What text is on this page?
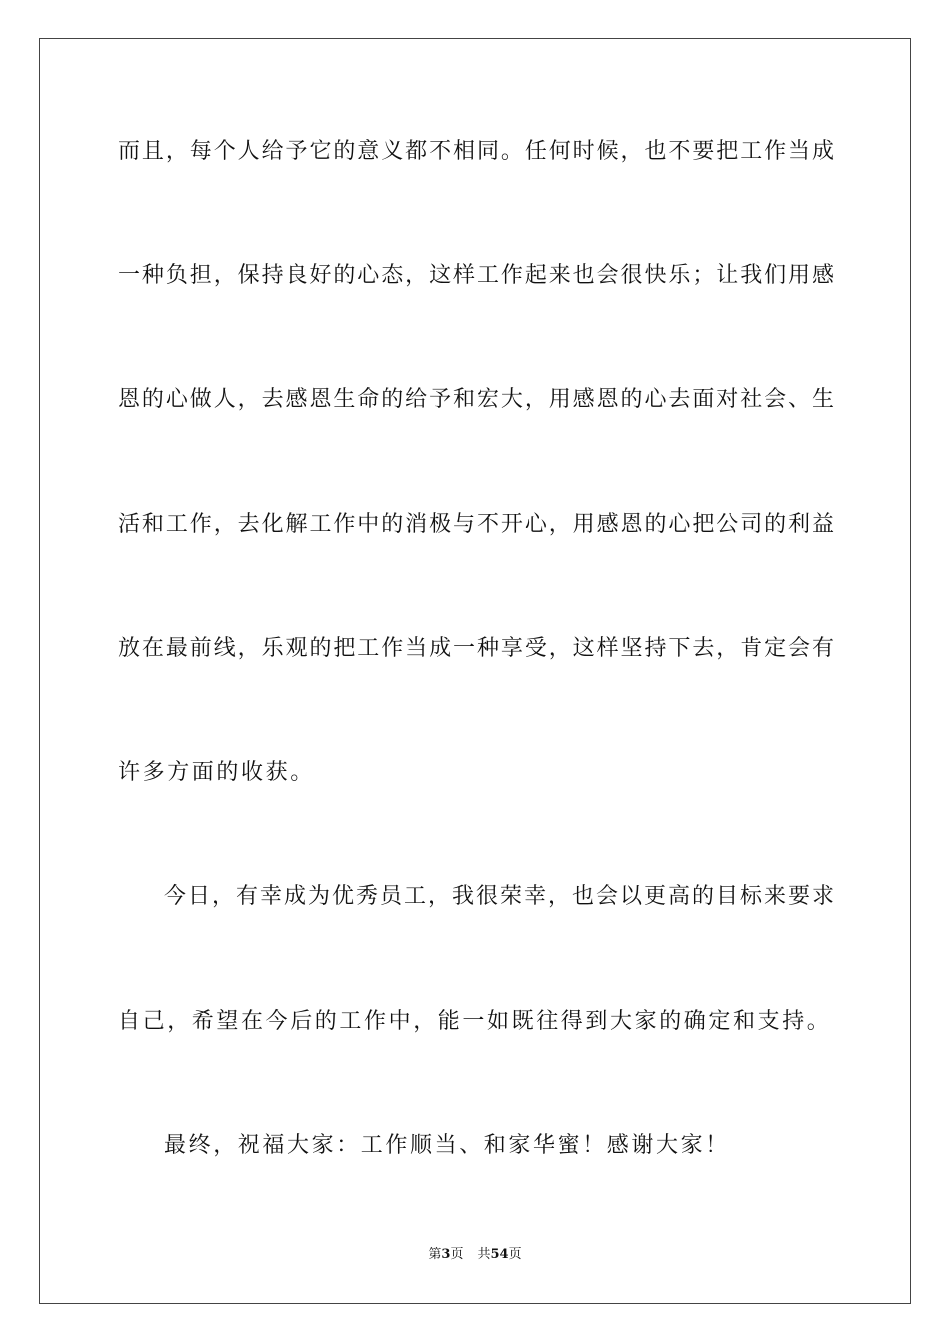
而且，每个人给予它的意义都不相同。任何时候，也不要把工作当成
一种负担，保持良好的心态，这样工作起来也会很快乐；让我们用感
恩的心做人，去感恩生命的给予和宏大，用感恩的心去面对社会、生
活和工作，去化解工作中的消极与不开心，用感恩的心把公司的利益
放在最前线，乐观的把工作当成一种享受，这样坚持下去，肯定会有
许多方面的收获。
今日，有幸成为优秀员工，我很荣幸，也会以更高的目标来要求
自己，希望在今后的工作中，能一如既往得到大家的确定和支持。
最终，祝福大家：工作顺当、和家华蜜！感谢大家！
第3页 共54页
